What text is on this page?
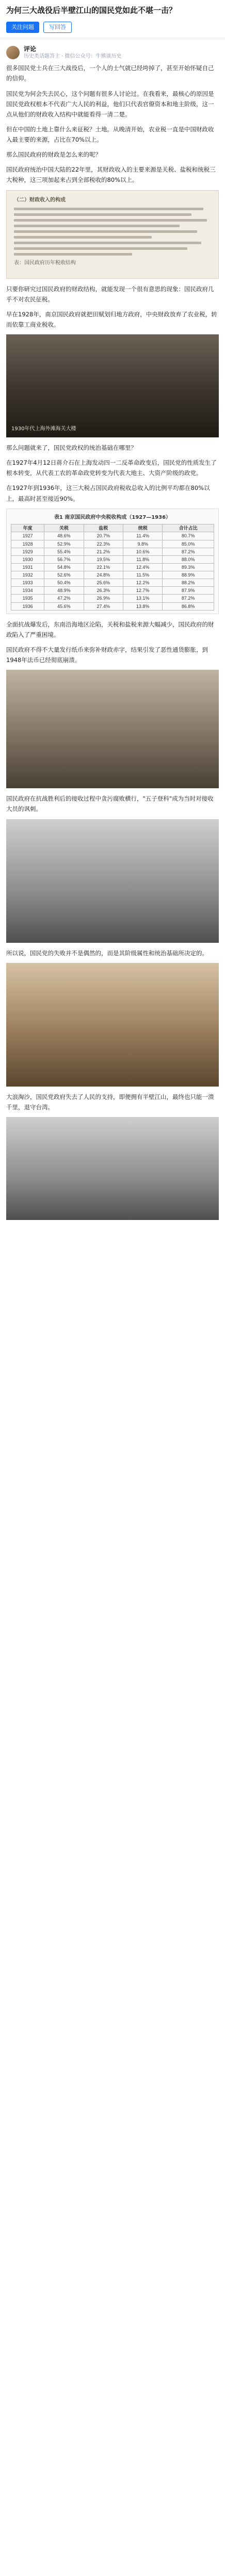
为何三大战役后半壁江山的国民党如此不堪一击？
关注问题	写回答
评论
历史类话题答主 · 微信公众号：牛熊谈历史

很多国民党士兵在三大战役后，一个人的士气就已经垮掉了，甚至开始怀疑自己的信仰。

国民党为何会失去民心，这个问题有很多人讨论过。在我看来，最核心的原因是国民党政权根本不代表广大人民的利益，他们只代表官僚资本和地主阶级，这一点从他们的财政收入结构中就能看得一清二楚。

但在中国的土地上靠什么来征税？土地。从晚清开始，农业税一直是中国财政收入最主要的来源，占比在70%以上。

那么国民政府的财政是怎么来的呢？

国民政府统治中国大陆的22年里，其财政收入的主要来源是关税、盐税和统税三大税种，这三项加起来占到全部税收的80%以上。

（二）财政收入的构成
表：国民政府历年税收结构

只要你研究过国民政府的财政结构，就能发现一个很有意思的现象：国民政府几乎不对农民征税。

早在1928年，南京国民政府就把田赋划归地方政府，中央财政放弃了农业税，转而依靠工商业税收。

1930年代上海外滩海关大楼

那么问题就来了，国民党政权的统治基础在哪里？

在1927年4月12日蒋介石在上海发动四一二反革命政变后，国民党的性质发生了根本转变，从代表工农的革命政党转变为代表大地主、大资产阶级的政党。

在1927年到1936年，这三大税占国民政府税收总收入的比例平均都在80%以上，最高时甚至接近90%。

表1 南京国民政府中央税收构成（1927—1936）
年度	关税	盐税	统税	合计占比
1927	48.6%	20.7%	11.4%	80.7%
1928	52.9%	22.3%	9.8%	85.0%
1929	55.4%	21.2%	10.6%	87.2%
1930	56.7%	19.5%	11.8%	88.0%
1931	54.8%	22.1%	12.4%	89.3%
1932	52.6%	24.8%	11.5%	88.9%
1933	50.4%	25.6%	12.2%	88.2%
1934	48.9%	26.3%	12.7%	87.9%
1935	47.2%	26.9%	13.1%	87.2%
1936	45.6%	27.4%	13.8%	86.8%

全面抗战爆发后，东南沿海地区沦陷，关税和盐税来源大幅减少，国民政府的财政陷入了严重困境。

国民政府不得不大量发行纸币来弥补财政赤字，结果引发了恶性通货膨胀，到1948年法币已经彻底崩溃。

国民政府在抗战胜利后的接收过程中贪污腐败横行，"五子登科"成为当时对接收大员的讽刺。

所以说，国民党的失败并不是偶然的，而是其阶级属性和统治基础所决定的。

大浪淘沙，国民党政府失去了人民的支持，即便拥有半壁江山，最终也只能一溃千里，退守台湾。
